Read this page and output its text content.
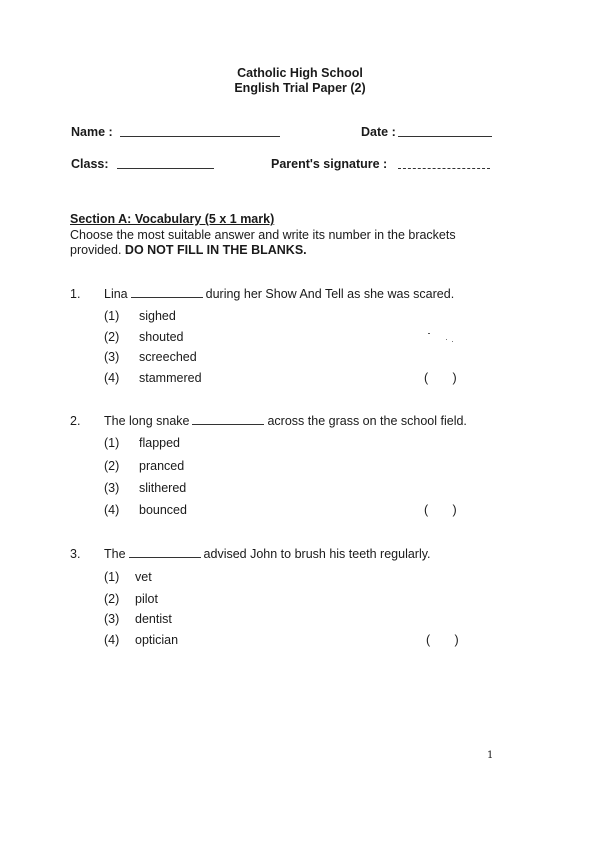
Catholic High School
English Trial Paper (2)
Name :	Date :
Class:	Parent's signature :
Section A: Vocabulary (5 x 1 mark)
Choose the most suitable answer and write its number in the brackets
provided. DO NOT FILL IN THE BLANKS.
1. Lina	during her Show And Tell as she was scared.
(1) sighed
(2) shouted
(3) screeched
(4) stammered	(       )
2. The long snake	across the grass on the school field.
(1) flapped
(2) pranced
(3) slithered
(4) bounced	(       )
3. The	advised John to brush his teeth regularly.
(1) vet
(2) pilot
(3) dentist
(4) optician	(       )
1
